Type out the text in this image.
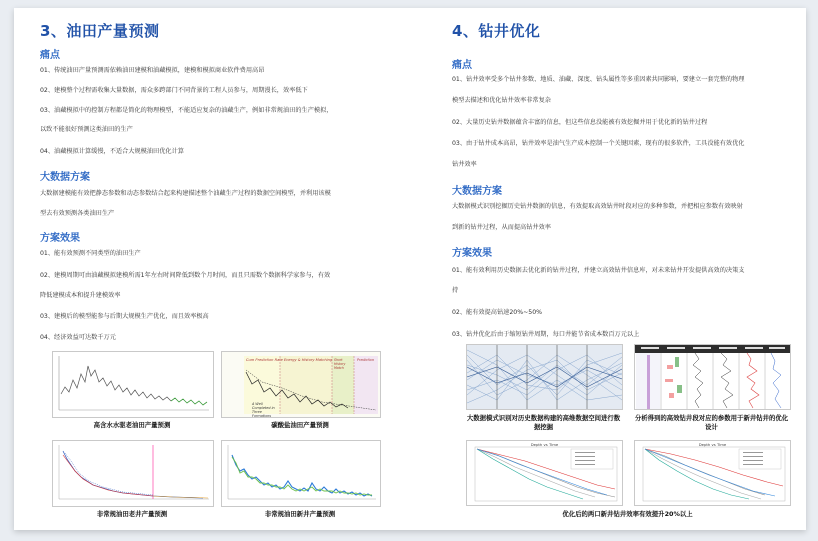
3、油田产量预测
痛点
01、传统油田产量预测需依赖油田建模和油藏模拟，建模和模拟商业软件费用高昂
02、建模整个过程需收集大量数据，需众多跨部门不同背景的工程人员参与，周期漫长，效率低下
03、油藏模拟中的控制方程都是简化的物理模型，不能适应复杂的油藏生产，例如非常规油田的生产模拟，
以致不能很好预测这类油田的生产
04、油藏模拟计算缓慢，不适合大规模油田优化计算
大数据方案
大数据建模能有效把静态参数和动态参数结合起来构建描述整个油藏生产过程的数据空间模型，并利用该模
型去有效预测各类油田生产
方案效果
01、能有效预测不同类型的油田生产
02、建模周期可由油藏模拟建模所需1年左右时间降低到数个月时间，而且只需数个数据科学家参与，有效
降低建模成本和提升建模效率
03、建模后的模型能参与后期大规模生产优化，而且效率极高
04、经济效益可达数千万元
高含水水驱老油田产量预测
Cum Prediction Rate Energy & History Matching Short History Match
Prediction
A Well Completed in Three Formations
碳酸盐油田产量预测
非常规油田老井产量预测	非常规油田新井产量预测
4、钻井优化
痛点
01、钻井效率受多个钻井参数、地质、油藏、深度、钻头属性等多重因素共同影响，要建立一套完整的物理
模型去描述和优化钻井效率非常复杂
02、大量历史钻井数据蕴含丰富的信息，但这些信息没能被有效挖掘并用于优化新的钻井过程
03、由于钻井成本高昂，钻井效率是油气生产成本控制一个关键因素，现有的很多软件，工具没能有效优化
钻井效率
大数据方案
大数据模式识别挖掘历史钻井数据的信息，有效提取高效钻井时段对应的多种参数，并把相应参数有效映射
到新的钻井过程，从而提高钻井效率
方案效果
01、能有效利用历史数据去优化新的钻井过程，并建立高效钻井信息库，对未来钻井开发提供高效的决策支
持
02、能有效提高钻速20%~50%
03、钻井优化后由于缩短钻井周期，每口井能节省成本数百万元以上
大数据模式识别对历史数据构建的高维数据空间进行数据挖掘
分析得到的高效钻井段对应的参数用于新井钻井的优化设计
Depth vs Time	Depth vs Time
优化后的两口新井钻井效率有效提升20%以上
